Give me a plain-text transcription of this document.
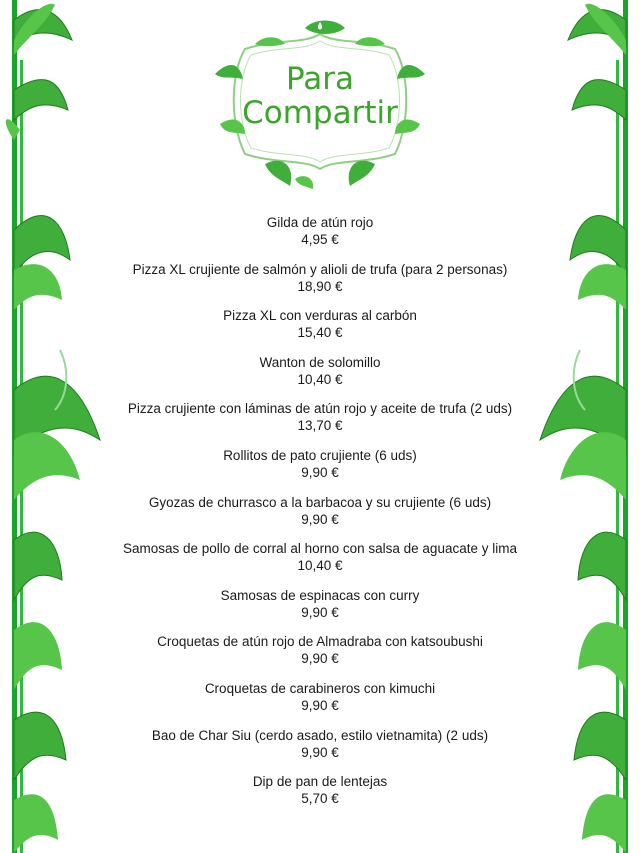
Para
Compartir
Gilda de atún rojo
4,95 €
Pizza XL crujiente de salmón y alioli de trufa (para 2 personas)
18,90 €
Pizza XL con verduras al carbón
15,40 €
Wanton de solomillo
10,40 €
Pizza crujiente con láminas de atún rojo y aceite de trufa (2 uds)
13,70 €
Rollitos de pato crujiente (6 uds)
9,90 €
Gyozas de churrasco a la barbacoa y su crujiente (6 uds)
9,90 €
Samosas de pollo de corral al horno con salsa de aguacate y lima
10,40 €
Samosas de espinacas con curry
9,90 €
Croquetas de atún rojo de Almadraba con katsoubushi
9,90 €
Croquetas de carabineros con kimuchi
9,90 €
Bao de Char Siu (cerdo asado, estilo vietnamita) (2 uds)
9,90 €
Dip de pan de lentejas
5,70 €
